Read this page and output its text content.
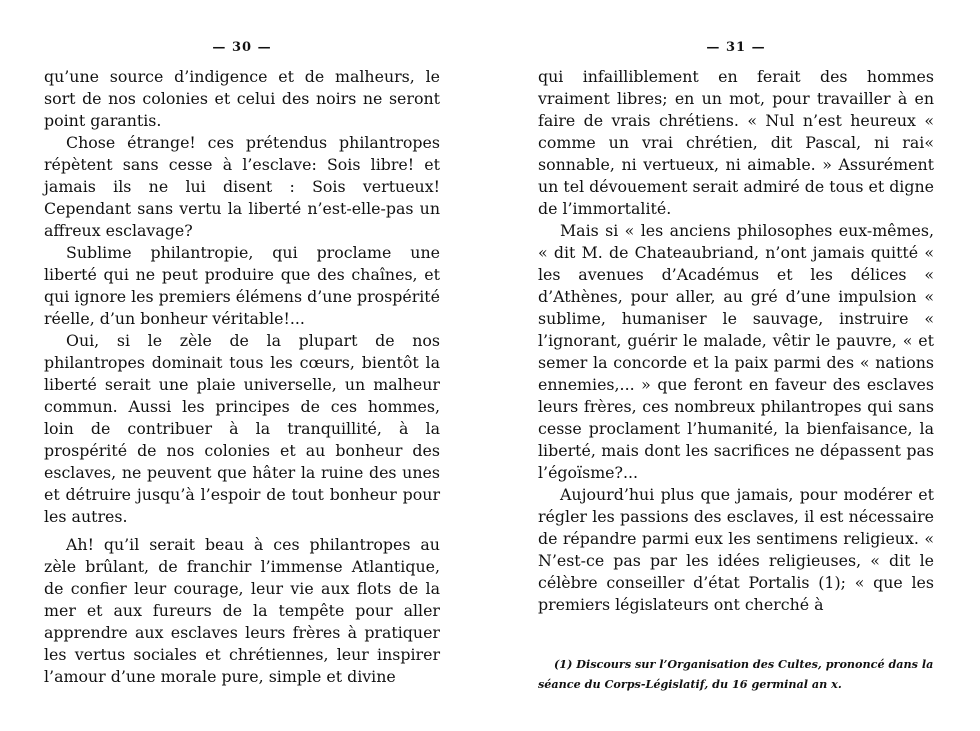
— 30 —

qu’une source d’indigence et de malheurs, le sort de nos colonies et celui des noirs ne seront point garantis.

Chose étrange! ces prétendus philantropes répètent sans cesse à l’esclave: Sois libre! et jamais ils ne lui disent : Sois vertueux! Cependant sans vertu la liberté n’est-elle-pas un affreux esclavage?

Sublime philantropie, qui proclame une liberté qui ne peut produire que des chaînes, et qui ignore les premiers élémens d’une prospérité réelle, d’un bonheur véritable!...

Oui, si le zèle de la plupart de nos philantropes dominait tous les cœurs, bientôt la liberté serait une plaie universelle, un malheur commun. Aussi les principes de ces hommes, loin de contribuer à la tranquillité, à la prospérité de nos colonies et au bonheur des esclaves, ne peuvent que hâter la ruine des unes et détruire jusqu’à l’espoir de tout bonheur pour les autres.

Ah! qu’il serait beau à ces philantropes au zèle brûlant, de franchir l’immense Atlantique, de confier leur courage, leur vie aux flots de la mer et aux fureurs de la tempête pour aller apprendre aux esclaves leurs frères à pratiquer les vertus sociales et chrétiennes, leur inspirer l’amour d’une morale pure, simple et divine

— 31 —

qui infailliblement en ferait des hommes vraiment libres; en un mot, pour travailler à en faire de vrais chrétiens. « Nul n’est heureux « comme un vrai chrétien, dit Pascal, ni rai« sonnable, ni vertueux, ni aimable. » Assurément un tel dévouement serait admiré de tous et digne de l’immortalité.

Mais si « les anciens philosophes eux-mêmes, « dit M. de Chateaubriand, n’ont jamais quitté « les avenues d’Académus et les délices « d’Athènes, pour aller, au gré d’une impulsion « sublime, humaniser le sauvage, instruire « l’ignorant, guérir le malade, vêtir le pauvre, « et semer la concorde et la paix parmi des « nations ennemies,... » que feront en faveur des esclaves leurs frères, ces nombreux philantropes qui sans cesse proclament l’humanité, la bienfaisance, la liberté, mais dont les sacrifices ne dépassent pas l’égoïsme?...

Aujourd’hui plus que jamais, pour modérer et régler les passions des esclaves, il est nécessaire de répandre parmi eux les sentimens religieux. « N’est-ce pas par les idées religieuses, « dit le célèbre conseiller d’état Portalis (1); « que les premiers législateurs ont cherché à

(1) Discours sur l’Organisation des Cultes, prononcé dans la séance du Corps-Législatif, du 16 germinal an x.
